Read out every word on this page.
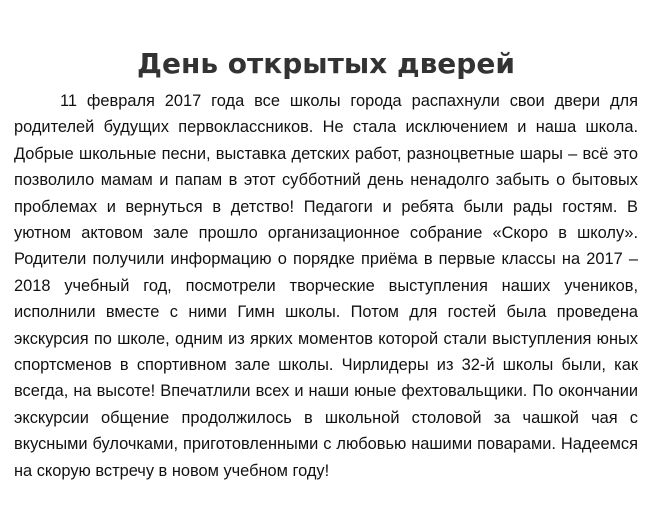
День открытых дверей

11 февраля 2017 года все школы города распахнули свои двери для родителей будущих первоклассников. Не стала исключением и наша школа. Добрые школьные песни, выставка детских работ, разноцветные шары – всё это позволило мамам и папам в этот субботний день ненадолго забыть о бытовых проблемах и вернуться в детство! Педагоги и ребята были рады гостям. В уютном актовом зале прошло организационное собрание «Скоро в школу». Родители получили информацию о порядке приёма в первые классы на 2017 – 2018 учебный год, посмотрели творческие выступления наших учеников, исполнили вместе с ними Гимн школы. Потом для гостей была проведена экскурсия по школе, одним из ярких моментов которой стали выступления юных спортсменов в спортивном зале школы. Чирлидеры из 32-й школы были, как всегда, на высоте! Впечатлили всех и наши юные фехтовальщики. По окончании экскурсии общение продолжилось в школьной столовой за чашкой чая с вкусными булочками, приготовленными с любовью нашими поварами. Надеемся на скорую встречу в новом учебном году!
